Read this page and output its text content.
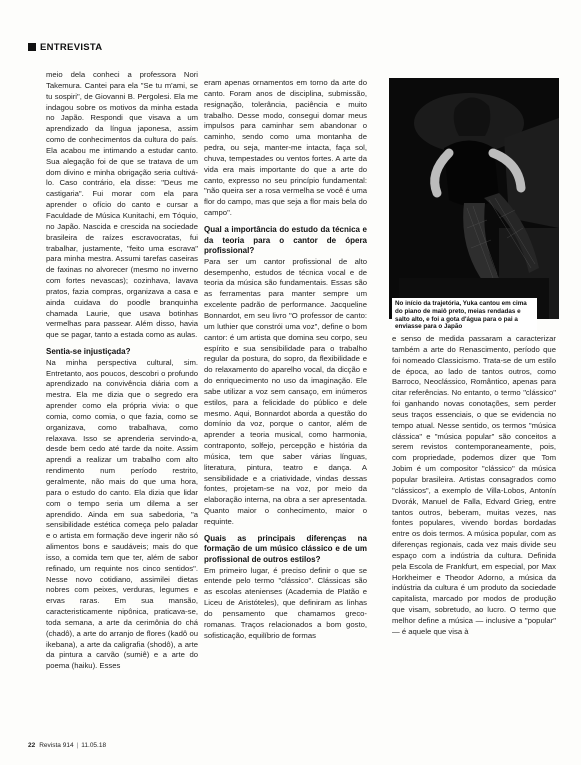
ENTREVISTA

meio dela conheci a professora Nori Takemura. Cantei para ela "Se tu m'ami, se tu sospiri", de Giovanni B. Pergolesi. Ela me indagou sobre os motivos da minha estada no Japão. Respondi que visava a um aprendizado da língua japonesa, assim como de conhecimentos da cultura do país. Ela acabou me intimando a estudar canto. Sua alegação foi de que se tratava de um dom divino e minha obrigação seria cultivá-lo. Caso contrário, ela disse: "Deus me castigaria". Fui morar com ela para aprender o ofício do canto e cursar a Faculdade de Música Kunitachi, em Tóquio, no Japão. Nascida e crescida na sociedade brasileira de raízes escravocratas, fui trabalhar, justamente, "feito uma escrava" para minha mestra. Assumi tarefas caseiras de faxinas no alvorecer (mesmo no inverno com fortes nevascas); cozinhava, lavava pratos, fazia compras, organizava a casa e ainda cuidava do poodle branquinha chamada Laurie, que usava botinhas vermelhas para passear. Além disso, havia que se pagar, tanto a estada como as aulas.

Sentia-se injustiçada?

Na minha perspectiva cultural, sim. Entretanto, aos poucos, descobri o profundo aprendizado na convivência diária com a mestra. Ela me dizia que o segredo era aprender como ela própria vivia: o que comia, como comia, o que fazia, como se organizava, como trabalhava, como relaxava. Isso se aprenderia servindo-a, desde bem cedo até tarde da noite. Assim aprendi a realizar um trabalho com alto rendimento num período restrito, geralmente, não mais do que uma hora, para o estudo do canto. Ela dizia que lidar com o tempo seria um dilema a ser aprendido. Ainda em sua sabedoria, "a sensibilidade estética começa pelo paladar e o artista em formação deve ingerir não só alimentos bons e saudáveis; mais do que isso, a comida tem que ter, além de sabor refinado, um requinte nos cinco sentidos". Nesse novo cotidiano, assimilei dietas nobres com peixes, verduras, legumes e ervas raras. Em sua mansão, caracteristicamente nipônica, praticava-se, toda semana, a arte da cerimônia do chá (chadô), a arte do arranjo de flores (kadô ou ikebana), a arte da caligrafia (shodô), a arte da pintura a carvão (sumiê) e a arte do poema (haiku). Esses

eram apenas ornamentos em torno da arte do canto. Foram anos de disciplina, submissão, resignação, tolerância, paciência e muito trabalho. Desse modo, consegui domar meus impulsos para caminhar sem abandonar o caminho, sendo como uma montanha de pedra, ou seja, manter-me intacta, faça sol, chuva, tempestades ou ventos fortes. A arte da vida era mais importante do que a arte do canto, expresso no seu princípio fundamental: "não queira ser a rosa vermelha se você é uma flor do campo, mas que seja a flor mais bela do campo".

Qual a importância do estudo da técnica e da teoria para o cantor de ópera profissional?

Para ser um cantor profissional de alto desempenho, estudos de técnica vocal e de teoria da música são fundamentais. Essas são as ferramentas para manter sempre um excelente padrão de performance. Jacqueline Bonnardot, em seu livro "O professor de canto: um luthier que constrói uma voz", define o bom cantor: é um artista que domina seu corpo, seu espírito e sua sensibilidade para o trabalho regular da postura, do sopro, da flexibilidade e do relaxamento do aparelho vocal, da dicção e do enriquecimento no uso da imaginação. Ele sabe utilizar a voz sem cansaço, em inúmeros estilos, para a felicidade do público e dele mesmo. Aqui, Bonnardot aborda a questão do domínio da voz, porque o cantor, além de aprender a teoria musical, como harmonia, contraponto, solfejo, percepção e história da música, tem que saber várias línguas, literatura, pintura, teatro e dança. A sensibilidade e a criatividade, vindas dessas fontes, projetam-se na voz, por meio da elaboração interna, na obra a ser apresentada. Quanto maior o conhecimento, maior o requinte.

Quais as principais diferenças na formação de um músico clássico e de um profissional de outros estilos?

Em primeiro lugar, é preciso definir o que se entende pelo termo "clássico". Clássicas são as escolas atenienses (Academia de Platão e Liceu de Aristóteles), que definiram as linhas do pensamento que chamamos greco-romanas. Traços relacionados a bom gosto, sofisticação, equilíbrio de formas

No início da trajetória, Yuka cantou em cima do piano de maiô preto, meias rendadas e salto alto, e foi a gota d'água para o pai a enviasse para o Japão

e senso de medida passaram a caracterizar também a arte do Renascimento, período que foi nomeado Classicismo. Trata-se de um estilo de época, ao lado de tantos outros, como Barroco, Neoclássico, Romântico, apenas para citar referências. No entanto, o termo "clássico" foi ganhando novas conotações, sem perder seus traços essenciais, o que se evidencia no tempo atual. Nesse sentido, os termos "música clássica" e "música popular" são conceitos a serem revistos contemporaneamente, pois, com propriedade, podemos dizer que Tom Jobim é um compositor "clássico" da música popular brasileira. Artistas consagrados como "clássicos", a exemplo de Villa-Lobos, Antonín Dvorák, Manuel de Falla, Edvard Grieg, entre tantos outros, beberam, muitas vezes, nas fontes populares, vivendo bordas bordadas entre os dois termos. A música popular, com as diferenças regionais, cada vez mais divide seu espaço com a indústria da cultura. Definida pela Escola de Frankfurt, em especial, por Max Horkheimer e Theodor Adorno, a música da indústria da cultura é um produto da sociedade capitalista, marcado por modos de produção que visam, sobretudo, ao lucro. O termo que melhor define a música — inclusive a "popular" — é aquele que visa à

22 Revista 914 | 11.05.18
